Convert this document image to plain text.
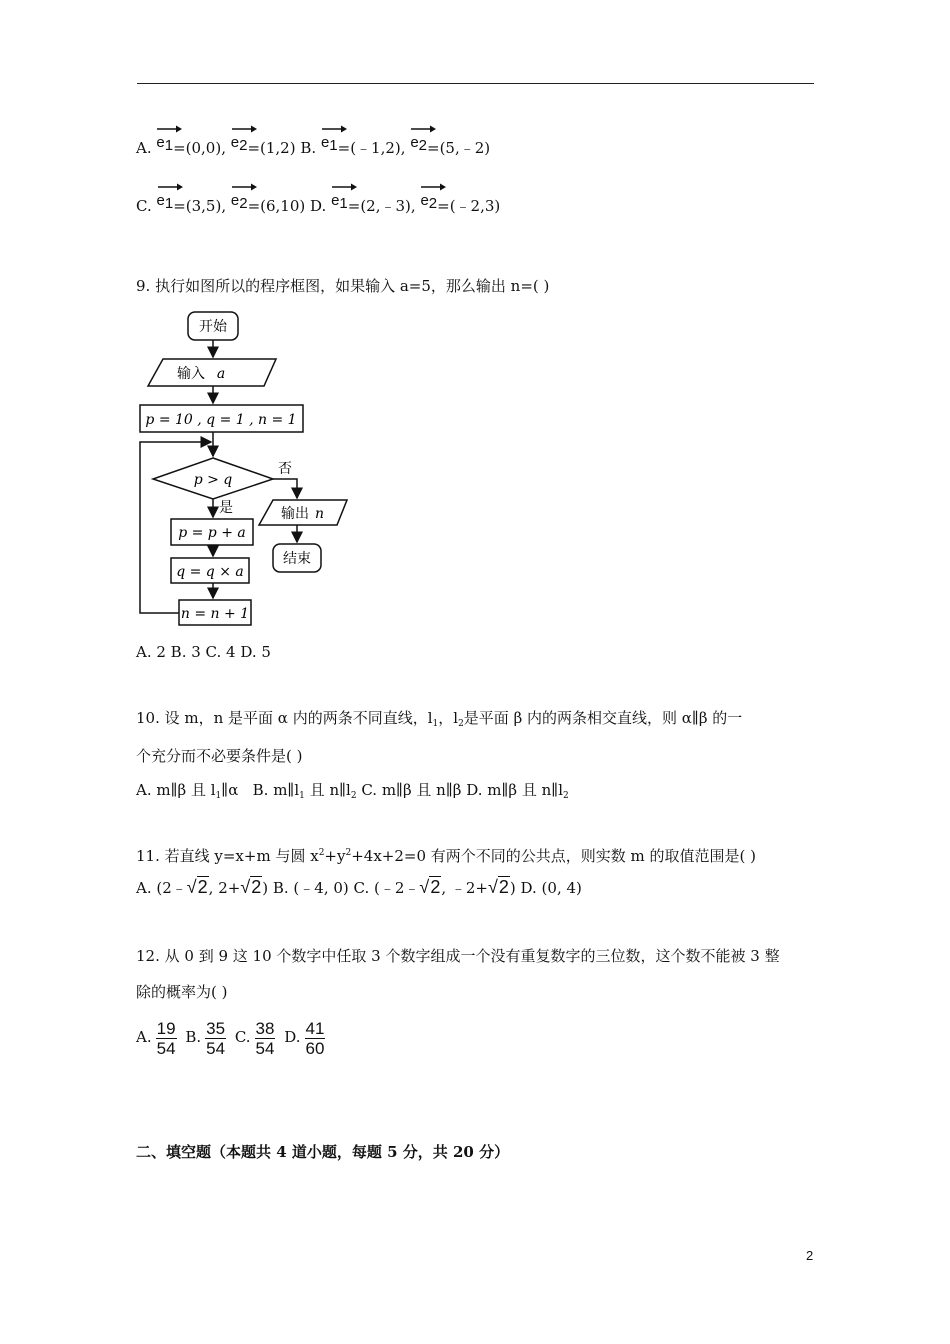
A. e1=(0,0),
e2=(1,2) B. e1=(﹣1,2),
e2=(5,﹣2)
C. e1=(3,5),
e2=(6,10) D. e1=(2,﹣3),
e2=(﹣2,3)
9. 执行如图所以的程序框图，如果输入 a=5，那么输出 n=( )
开始
输入 a
p = 10 , q = 1 , n = 1
p > q
否
输出 n
结束
是
p = p + a
q = q × a
n = n + 1
A. 2 B. 3 C. 4 D. 5
10. 设 m，n 是平面 α 内的两条不同直线，$l_1$，$l_2$是平面 β 内的两条相交直线，则 α∥β 的一
个充分而不必要条件是( )
A. m∥β 且 $l_1\parallel\alpha$ B. $m\parallel l_1$ 且 $n\parallel l_2$ C. m∥β 且 n∥β D. m∥β 且 $n\parallel l_2$
11. 若直线 y=x+m 与圆 $x^2+y^2+4x+2=0$ 有两个不同的公共点，则实数 m 的取值范围是( )
A. (2﹣√2, 2+√2) B. (﹣4, 0) C. (﹣2﹣√2, ﹣2+√2) D. (0, 4)
12. 从 0 到 9 这 10 个数字中任取 3 个数字组成一个没有重复数字的三位数，这个数不能被 3 整
除的概率为( )
A. $\frac{19}{54} B$. $\frac{35}{54} C$. $\frac{38}{54} D$. $\frac{41}{60}$
二、填空题（本题共 4 道小题，每题 5 分，共 20 分）
2
